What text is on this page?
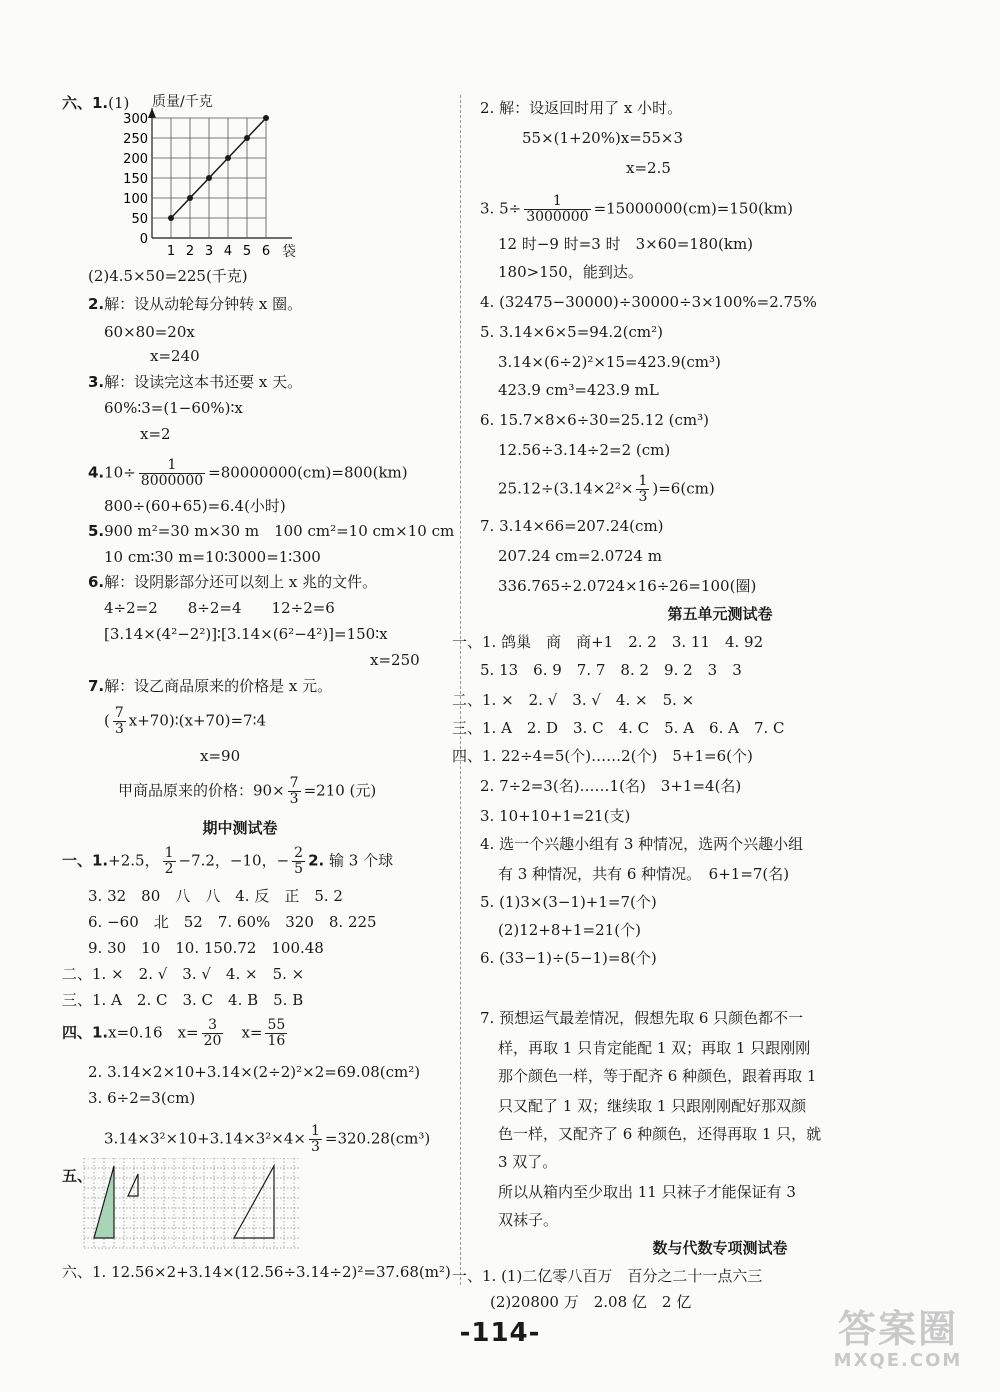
六、1.(1) 质量/千克
0
50
100
150
200
250
300
1 2 3 4 5 6 袋
(2)4.5×50=225(千克)
2.解：设从动轮每分钟转 x 圈。
60×80=20x
x=240
3.解：设读完这本书还要 x 天。
60%∶3=(1−60%)∶x
x=2
$4.10\div \frac{1}{8000000} =80000000(cm)=800(km)$
800÷(60+65)=6.4(小时)
5.900 m²=30 m×30 m　100 cm²=10 cm×10 cm
10 cm∶30 m=10∶3000=1∶300
6.解：设阴影部分还可以刻上 x 兆的文件。
4÷2=2　　8÷2=4　　12÷2=6
[3.14×(4²−2²)]∶[3.14×(6²−4²)]=150∶x
x=250
7.解：设乙商品原来的价格是 x 元。
( $\frac{7}{3}$ x+70)∶(x+70)=7∶4
x=90
甲商品原来的价格：$90\times \frac{7}{3} =210$ (元)
期中测试卷
一、1.+2.5， $\frac{1}{2} -7.2$，−10，− $\frac{2}{5} 2$. 输 3 个球
3. 32　80　八　八　4. 反　正　5. 2
6. −60　北　52　7. 60%　320　8. 225
9. 30　10　10. 150.72　100.48
二、1. ×　2. √　3. √　4. ×　5. ×
三、1. A　2. C　3. C　4. B　5. B
四、1.x=0.16　$x= \frac{3}{20}$
　 $x= \frac{55}{16}$
2. 3.14×2×10+3.14×(2÷2)²×2=69.08(cm²)
3. 6÷2=3(cm)
$3.14\times 3^2\times 10+3.14\times 3^2\times 4\times \frac{1}{3} =320.28(cm^3)$
五、
六、1. 12.56×2+3.14×(12.56÷3.14÷2)²=37.68(m²)
2. 解：设返回时用了 x 小时。
55×(1+20%)x=55×3
x=2.5
3. $5\div \frac{1}{3000000} =15000000(cm)=150(km)$
12 时−9 时=3 时　3×60=180(km)
180>150，能到达。
4. (32475−30000)÷30000÷3×100%=2.75%
5. 3.14×6×5=94.2(cm²)
3.14×(6÷2)²×15=423.9(cm³)
423.9 cm³=423.9 mL
6. 15.7×8×6÷30=25.12 (cm³)
12.56÷3.14÷2=2 (cm)
$25.12\div(3.14\times 2^2\times \frac{1}{3} )=6(cm)$
7. 3.14×66=207.24(cm)
207.24 cm=2.0724 m
336.765÷2.0724×16÷26=100(圈)
第五单元测试卷
一、1. 鸽巢　商　商+1　2. 2　3. 11　4. 92
5. 13　6. 9　7. 7　8. 2　9. 2　3　3
二、1. ×　2. √　3. √　4. ×　5. ×
三、1. A　2. D　3. C　4. C　5. A　6. A　7. C
四、1. 22÷4=5(个)……2(个)　5+1=6(个)
2. 7÷2=3(名)……1(名)　3+1=4(名)
3. 10+10+1=21(支)
4. 选一个兴趣小组有 3 种情况，选两个兴趣小组
有 3 种情况，共有 6 种情况。　6+1=7(名)
5. (1)3×(3−1)+1=7(个)
(2)12+8+1=21(个)
6. (33−1)÷(5−1)=8(个)
7. 预想运气最差情况，假想先取 6 只颜色都不一
样，再取 1 只肯定能配 1 双；再取 1 只跟刚刚
那个颜色一样，等于配齐 6 种颜色，跟着再取 1
只又配了 1 双；继续取 1 只跟刚刚配好那双颜
色一样，又配齐了 6 种颜色，还得再取 1 只，就
3 双了。
所以从箱内至少取出 11 只袜子才能保证有 3
双袜子。
数与代数专项测试卷
一、1. (1)二亿零八百万　百分之二十一点六三
(2)20800 万　2.08 亿　2 亿
-114-	答案圈
MXQE.COM
